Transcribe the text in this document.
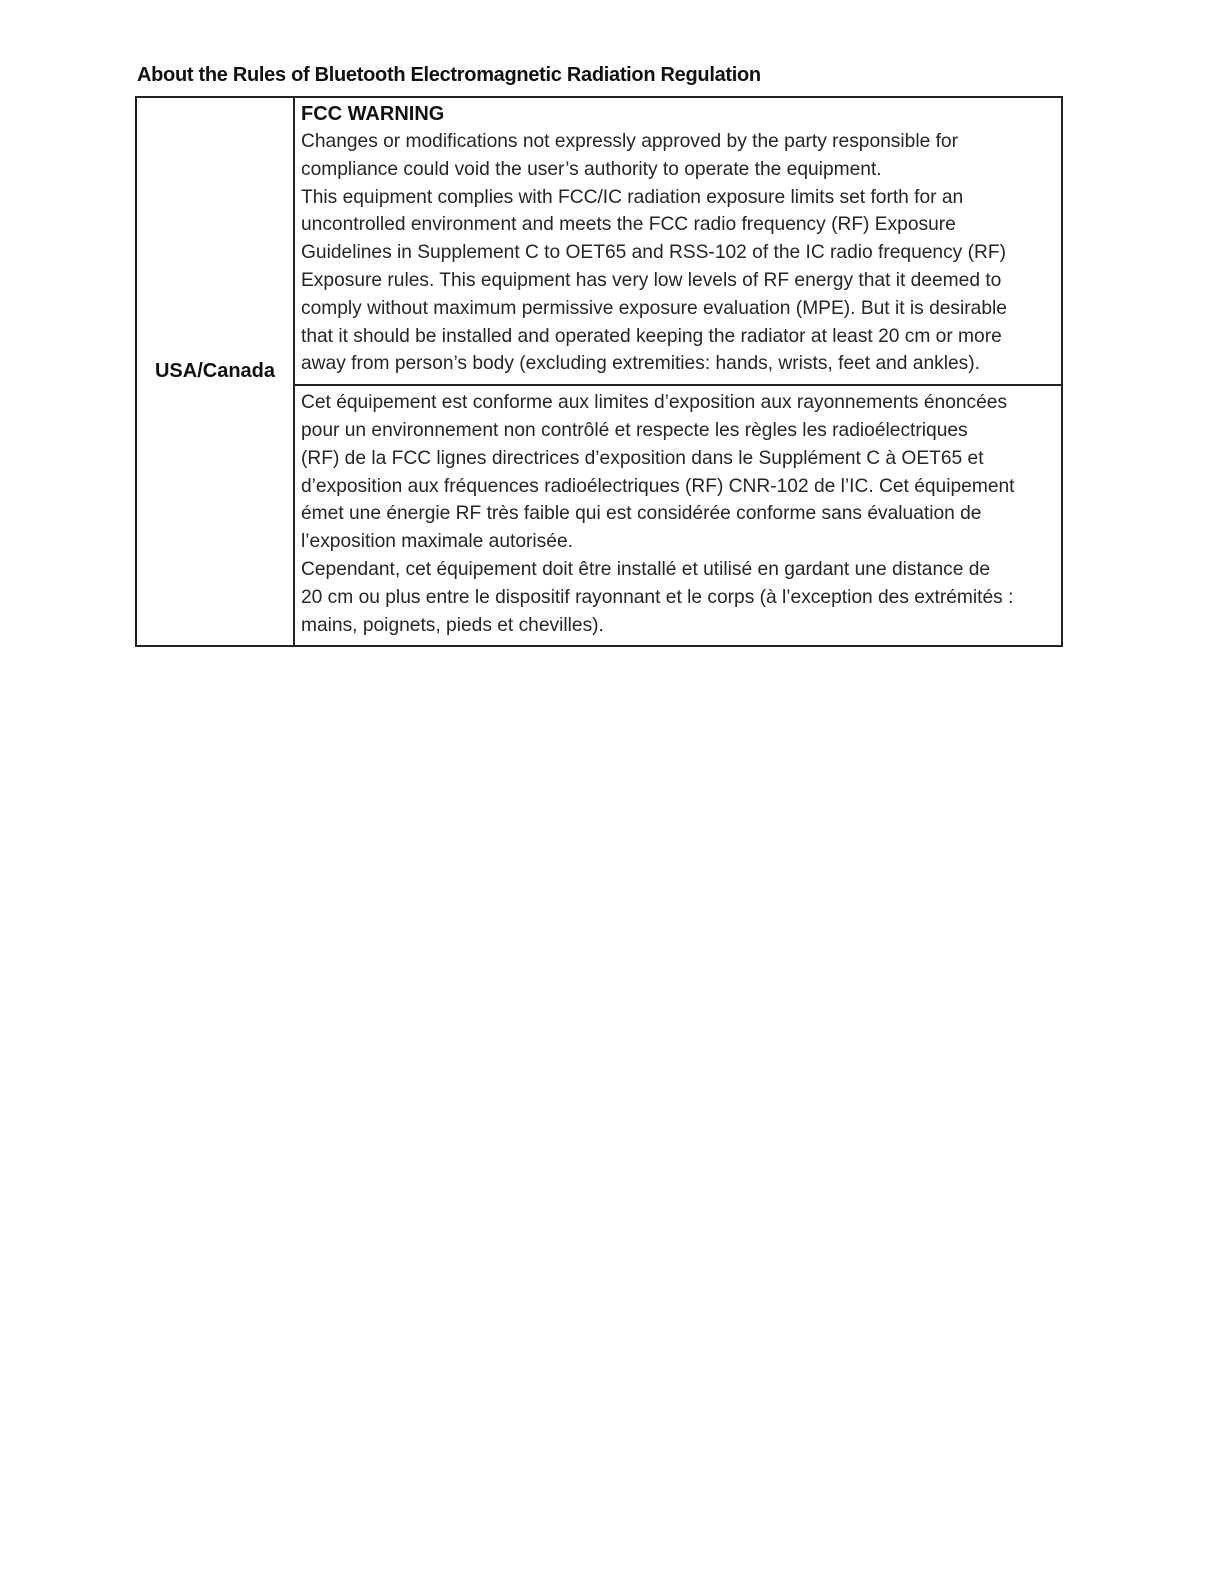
About the Rules of Bluetooth Electromagnetic Radiation Regulation
USA/Canada	
FCC WARNING
Changes or modifications not expressly approved by the party responsible for
compliance could void the user’s authority to operate the equipment.
This equipment complies with FCC/IC radiation exposure limits set forth for an
uncontrolled environment and meets the FCC radio frequency (RF) Exposure
Guidelines in Supplement C to OET65 and RSS-102 of the IC radio frequency (RF)
Exposure rules. This equipment has very low levels of RF energy that it deemed to
comply without maximum permissive exposure evaluation (MPE). But it is desirable
that it should be installed and operated keeping the radiator at least 20 cm or more
away from person’s body (excluding extremities: hands, wrists, feet and ankles).

Cet équipement est conforme aux limites d’exposition aux rayonnements énoncées
pour un environnement non contrôlé et respecte les règles les radioélectriques
(RF) de la FCC lignes directrices d’exposition dans le Supplément C à OET65 et
d’exposition aux fréquences radioélectriques (RF) CNR-102 de l’IC. Cet équipement
émet une énergie RF très faible qui est considérée conforme sans évaluation de
l’exposition maximale autorisée.
Cependant, cet équipement doit être installé et utilisé en gardant une distance de
20 cm ou plus entre le dispositif rayonnant et le corps (à l’exception des extrémités :
mains, poignets, pieds et chevilles).
